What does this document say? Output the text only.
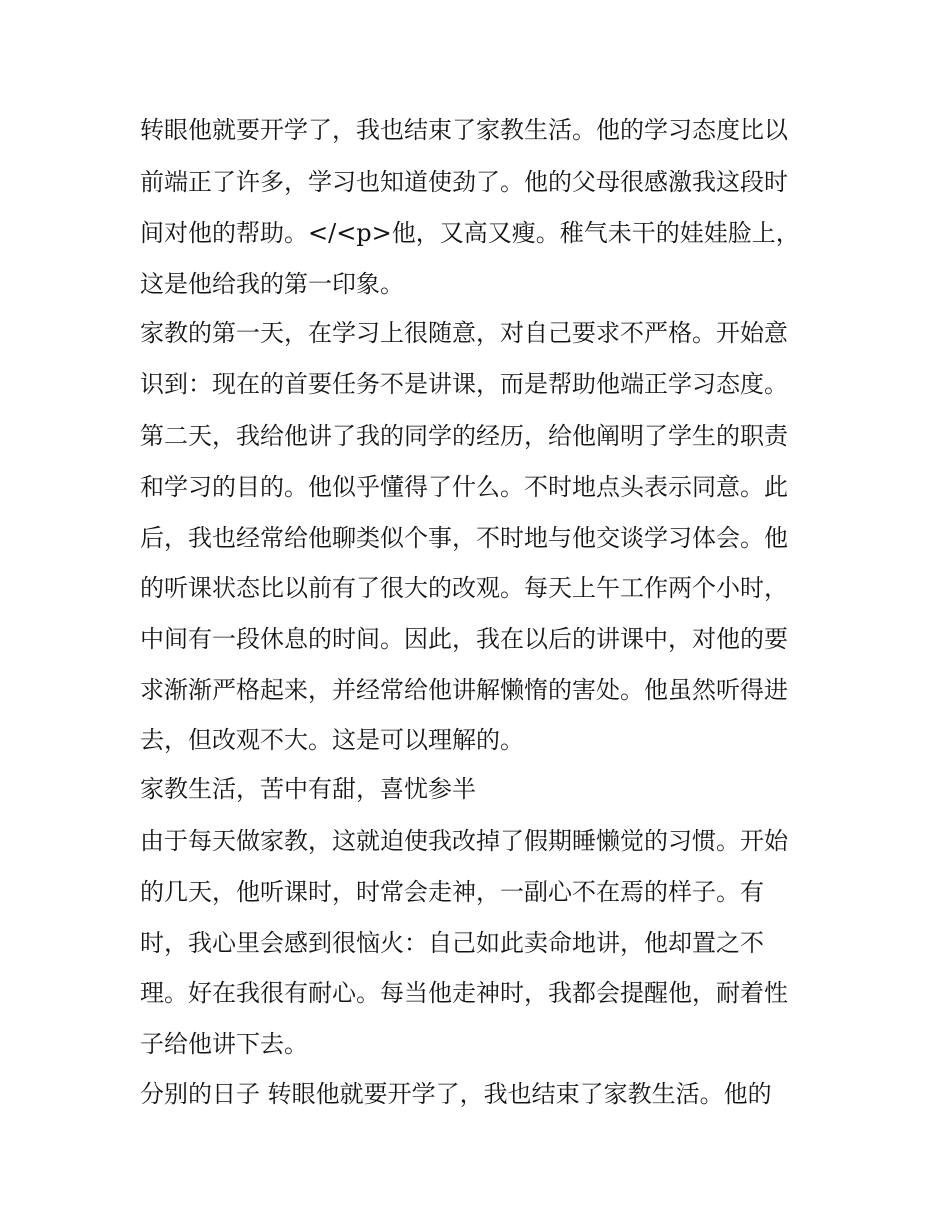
转眼他就要开学了，我也结束了家教生活。他的学习态度比以

前端正了许多，学习也知道使劲了。他的父母很感激我这段时

间对他的帮助。</<p>他，又高又瘦。稚气未干的娃娃脸上，

这是他给我的第一印象。

家教的第一天，在学习上很随意，对自己要求不严格。开始意

识到：现在的首要任务不是讲课，而是帮助他端正学习态度。

第二天，我给他讲了我的同学的经历，给他阐明了学生的职责

和学习的目的。他似乎懂得了什么。不时地点头表示同意。此

后，我也经常给他聊类似个事，不时地与他交谈学习体会。他

的听课状态比以前有了很大的改观。每天上午工作两个小时，

中间有一段休息的时间。因此，我在以后的讲课中，对他的要

求渐渐严格起来，并经常给他讲解懒惰的害处。他虽然听得进

去，但改观不大。这是可以理解的。

家教生活，苦中有甜，喜忧参半

由于每天做家教，这就迫使我改掉了假期睡懒觉的习惯。开始

的几天，他听课时，时常会走神，一副心不在焉的样子。有

时，我心里会感到很恼火：自己如此卖命地讲，他却置之不

理。好在我很有耐心。每当他走神时，我都会提醒他，耐着性

子给他讲下去。

分别的日子 转眼他就要开学了，我也结束了家教生活。他的
